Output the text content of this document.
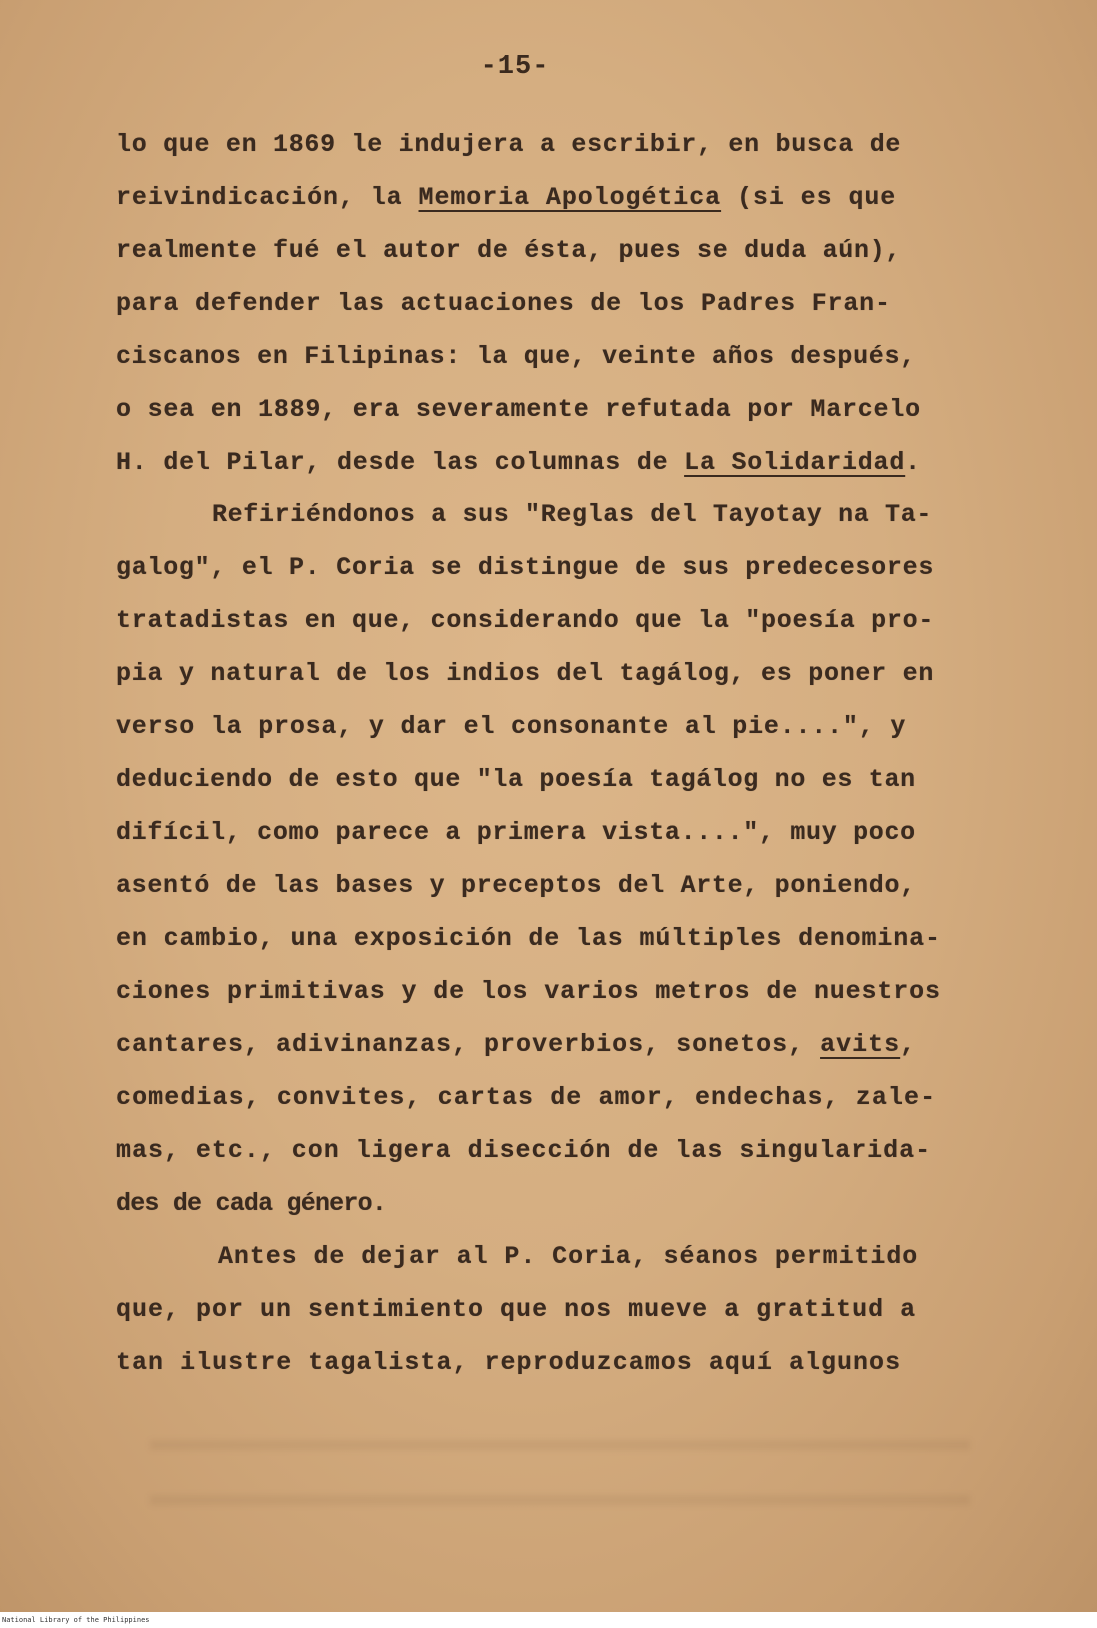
-15-
lo que en 1869 le indujera a escribir, en busca de
reivindicación, la Memoria Apologética (si es que
realmente fué el autor de ésta, pues se duda aún),
para defender las actuaciones de los Padres Fran-
ciscanos en Filipinas: la que, veinte años después,
o sea en 1889, era severamente refutada por Marcelo
H. del Pilar, desde las columnas de La Solidaridad.
Refiriéndonos a sus "Reglas del Tayotay na Ta-
galog", el P. Coria se distingue de sus predecesores
tratadistas en que, considerando que la "poesía pro-
pia y natural de los indios del tagálog, es poner en
verso la prosa, y dar el consonante al pie....", y
deduciendo de esto que "la poesía tagálog no es tan
difícil, como parece a primera vista....", muy poco
asentó de las bases y preceptos del Arte, poniendo,
en cambio, una exposición de las múltiples denomina-
ciones primitivas y de los varios metros de nuestros
cantares, adivinanzas, proverbios, sonetos, avits,
comedias, convites, cartas de amor, endechas, zale-
mas, etc., con ligera disección de las singularida-
des de cada género.
Antes de dejar al P. Coria, séanos permitido
que, por un sentimiento que nos mueve a gratitud a
tan ilustre tagalista, reproduzcamos aquí algunos
National Library of the Philippines
